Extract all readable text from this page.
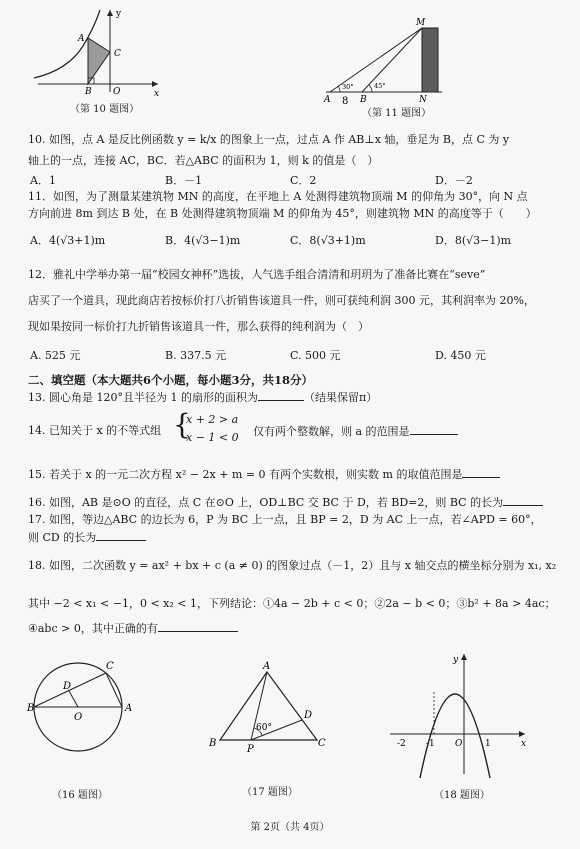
y
A
C
B O	x
（第 10 题图）
M
A 8 B	N
30°	45°
（第 11 题图）
10. 如图，点 A 是反比例函数 y = k/x 的图象上一点，过点 A 作 AB⊥x 轴，垂足为 B，点 C 为 y
轴上的一点，连接 AC，BC．若△ABC 的面积为 1，则 k 的值是（　）
A．1	B．－1	C．2	D．－2
11．如图，为了测量某建筑物 MN 的高度，在平地上 A 处测得建筑物顶端 M 的仰角为 30°，向 N 点
方向前进 8m 到达 B 处，在 B 处测得建筑物顶端 M 的仰角为 45°，则建筑物 MN 的高度等于（　　）
A．4(√3+1)m	B．4(√3−1)m	C．8(√3+1)m	D．8(√3−1)m
12．雅礼中学举办第一届“校园女神杯”选拔，人气选手组合清清和玥玥为了准备比赛在“seve”
店买了一个道具，现此商店若按标价打八折销售该道具一件，则可获纯利润 300 元，其利润率为 20%，
现如果按同一标价打九折销售该道具一件，那么获得的纯利润为（　）
A. 525 元	B. 337.5 元	C. 500 元	D. 450 元
二、填空题（本大题共6个小题，每小题3分，共18分）
13. 圆心角是 120°且半径为 1 的扇形的面积为	（结果保留π）
14. 已知关于 x 的不等式组 {
x + 2 > a
x − 1 < 0 仅有两个整数解，则 a 的范围是
15. 若关于 x 的一元二次方程 x² − 2x + m = 0 有两个实数根，则实数 m 的取值范围是
16. 如图，AB 是⊙O 的直径，点 C 在⊙O 上，OD⊥BC 交 BC 于 D，若 BD=2，则 BC 的长为
17. 如图，等边△ABC 的边长为 6，P 为 BC 上一点，且 BP = 2，D 为 AC 上一点，若∠APD = 60°，
则 CD 的长为
18. 如图，二次函数 y = ax² + bx + c (a ≠ 0) 的图象过点（－1，2）且与 x 轴交点的横坐标分别为 x₁, x₂
其中 −2 < x₁ < −1，0 < x₂ < 1，下列结论：①4a − 2b + c < 0；②2a − b < 0；③b² + 8a > 4ac；
④abc > 0，其中正确的有
C
D
B
O
A
（16 题图）
A
60°
D
B
P
C
（17 题图）
y
-2 -1 O	1	x
（18 题图）
第 2页（共 4页）
